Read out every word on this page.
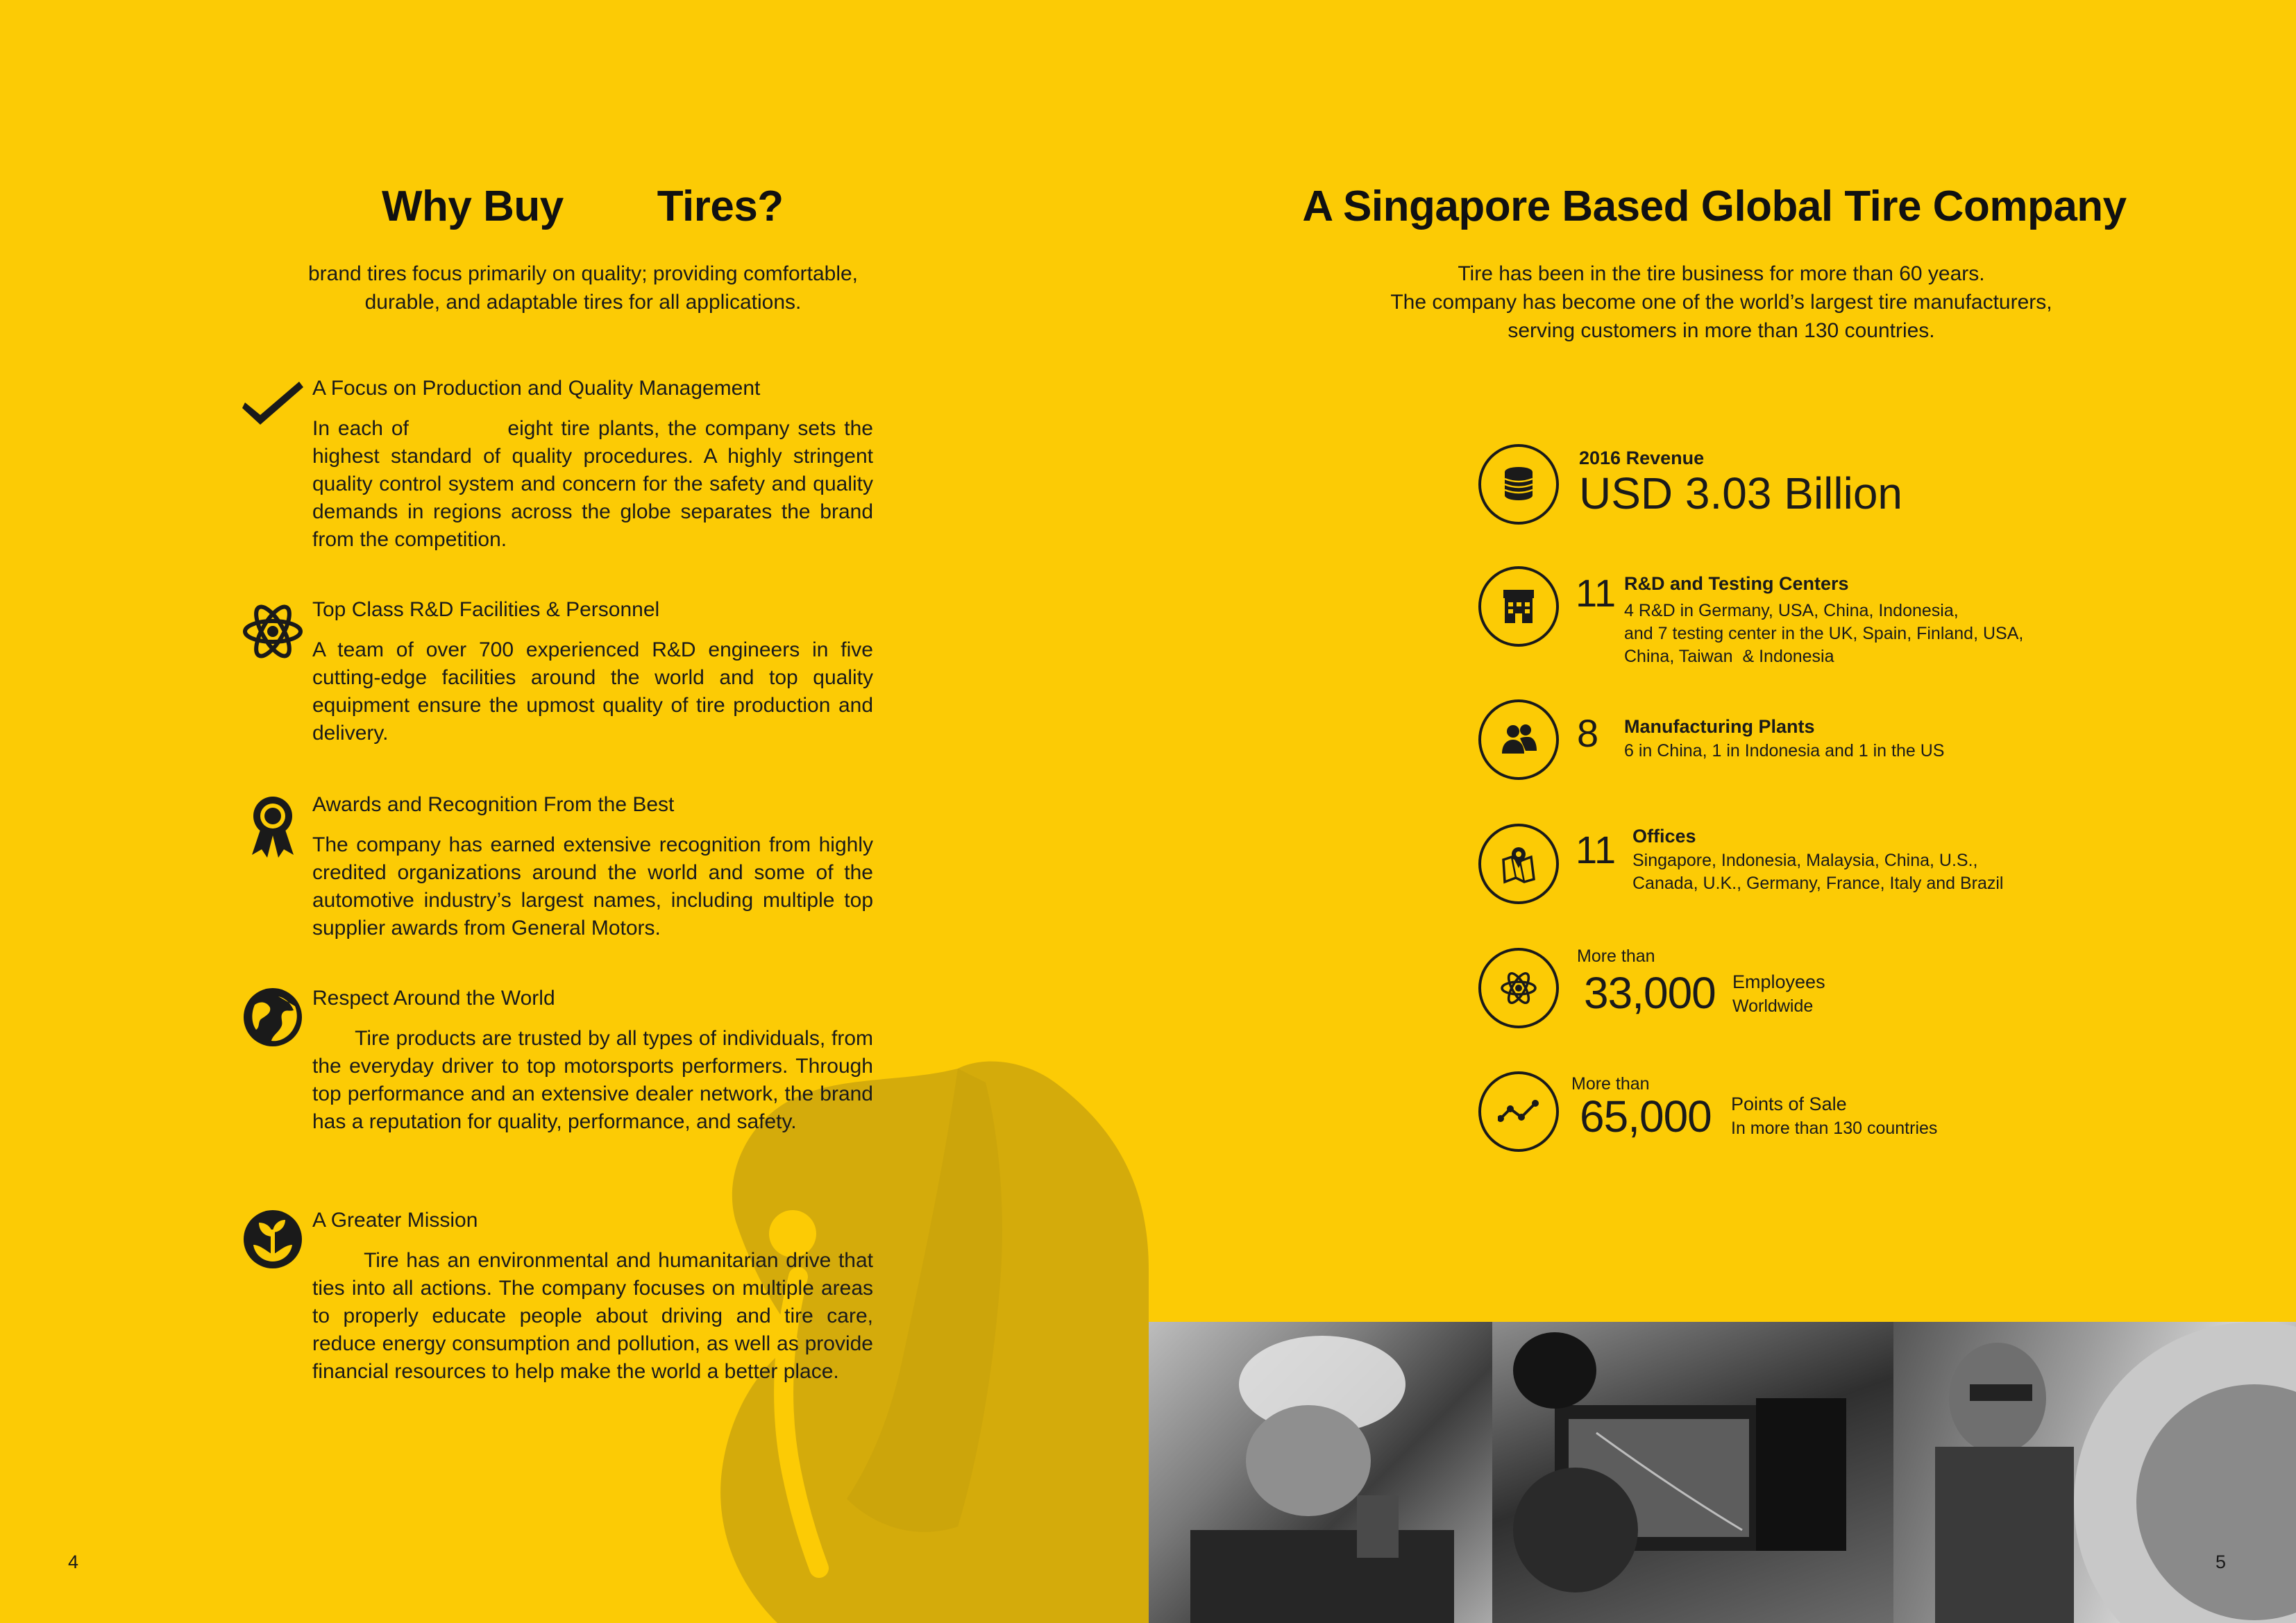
Why Buy Tires?
brand tires focus primarily on quality; providing comfortable,
durable, and adaptable tires for all applications.
A Focus on Production and Quality Management
In each of            eight tire plants, the company sets the highest standard of quality procedures. A highly stringent quality control system and concern for the safety and quality demands in regions across the globe separates the brand from the competition.
Top Class R&D Facilities & Personnel
A team of over 700 experienced R&D engineers in five cutting-edge facilities around the world and top quality equipment ensure the upmost quality of tire production and delivery.
Awards and Recognition From the Best
The company has earned extensive recognition from highly credited organizations around the world and some of the automotive industry’s largest names, including multiple top supplier awards from General Motors.
Respect Around the World
Tire products are trusted by all types of individuals, from the everyday driver to top motorsports performers. Through top performance and an extensive dealer network, the brand has a reputation for quality, performance, and safety.
A Greater Mission
Tire has an environmental and humanitarian drive that ties into all actions. The company focuses on multiple areas to properly educate people about driving and tire care, reduce energy consumption and pollution, as well as provide financial resources to help make the world a better place.
4
A Singapore Based Global Tire Company
Tire has been in the tire business for more than 60 years.
The company has become one of the world’s largest tire manufacturers,
serving customers in more than 130 countries.
2016 Revenue
USD 3.03 Billion
11 R&D and Testing Centers
4 R&D in Germany, USA, China, Indonesia,
and 7 testing center in the UK, Spain, Finland, USA,
China, Taiwan  & Indonesia
8 Manufacturing Plants
6 in China, 1 in Indonesia and 1 in the US
11 Offices
Singapore, Indonesia, Malaysia, China, U.S.,
Canada, U.K., Germany, France, Italy and Brazil
More than
33,000 Employees
Worldwide
More than
65,000 Points of Sale
In more than 130 countries
5
